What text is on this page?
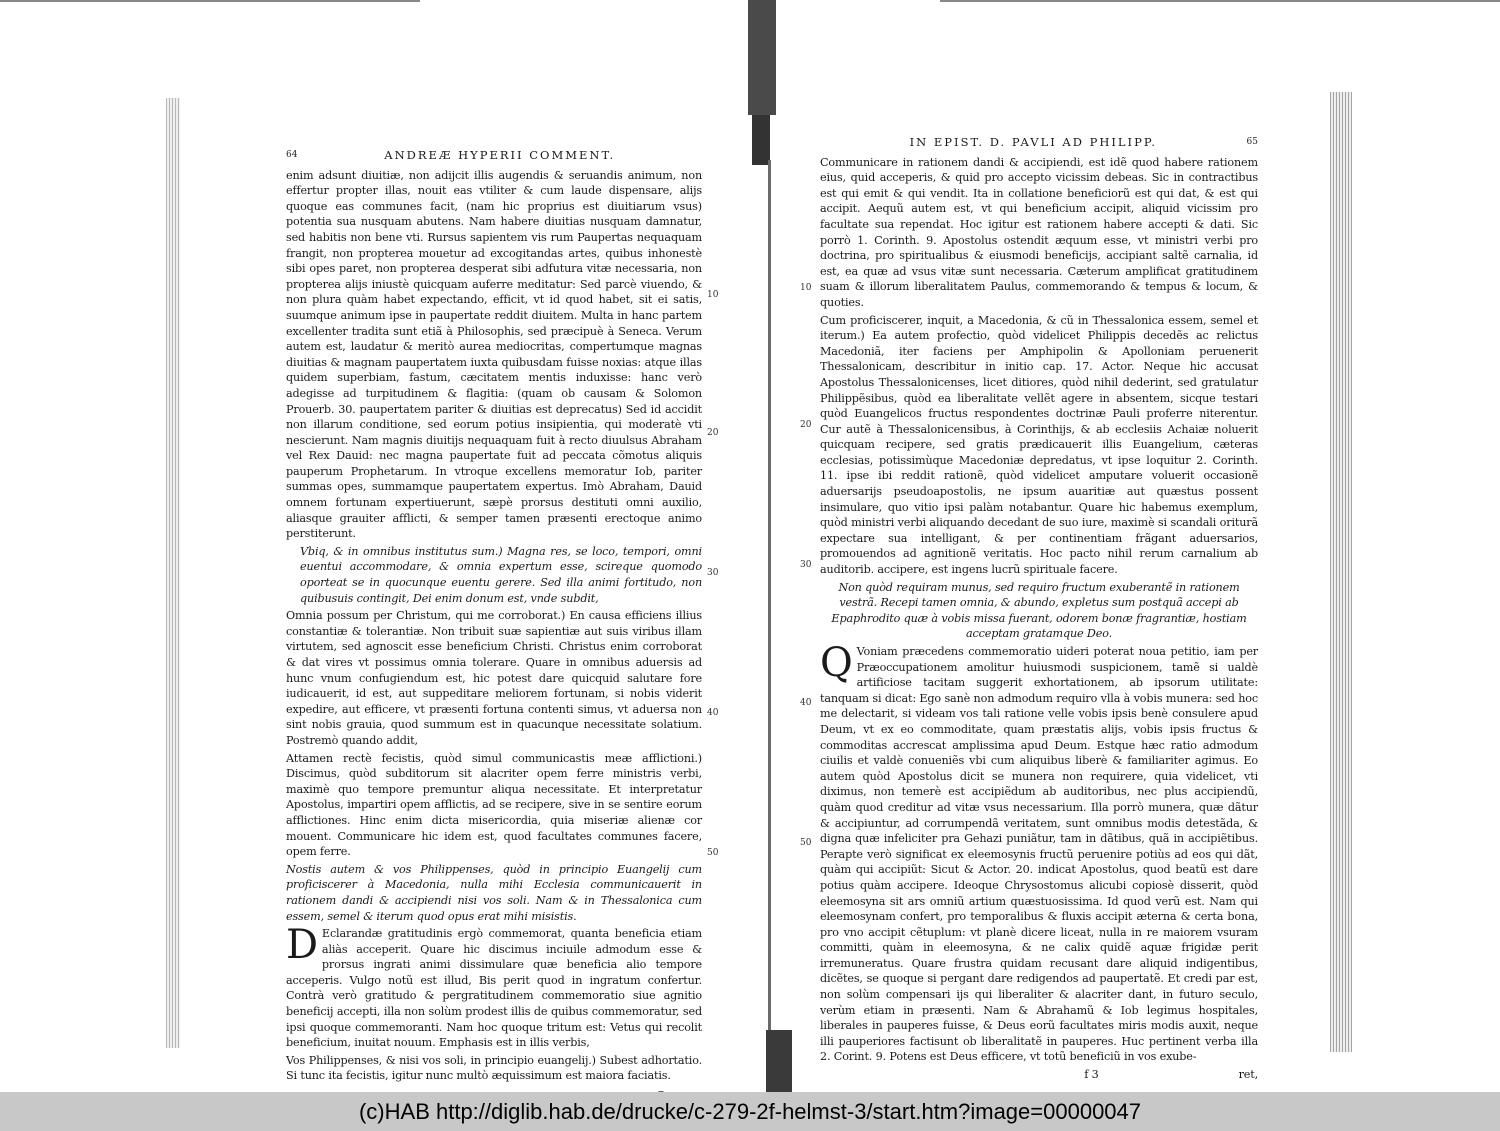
64	ANDREÆ HYPERII COMMENT.

enim adsunt diuitiæ, non adijcit illis augendis & seruandis animum, non effertur propter illas, nouit eas vtiliter & cum laude dispensare, alijs quoque eas communes facit, (nam hic proprius est diuitiarum vsus) potentia sua nusquam abutens. Nam habere diuitias nusquam damnatur, sed habitis non bene vti. Rursus sapientem vis rum Paupertas nequaquam frangit, non propterea mouetur ad excogitandas artes, quibus inhonestè sibi opes paret, non propterea desperat sibi adfutura vitæ necessaria, non propterea alijs iniustè quicquam auferre meditatur: Sed parcè viuendo, & non plura quàm habet expectando, efficit, vt id quod habet, sit ei satis, suumque animum ipse in paupertate reddit diuitem. Multa in hanc partem excellenter tradita sunt etiã à Philosophis, sed præcipuè à Seneca. Verum autem est, laudatur & meritò aurea mediocritas, compertumque magnas diuitias & magnam paupertatem iuxta quibusdam fuisse noxias: atque illas quidem superbiam, fastum, cæcitatem mentis induxisse: hanc verò adegisse ad turpitudinem & flagitia: (quam ob causam & Solomon Prouerb. 30. paupertatem pariter & diuitias est deprecatus) Sed id accidit non illarum conditione, sed eorum potius insipientia, qui moderatè vti nescierunt. Nam magnis diuitijs nequaquam fuit à recto diuulsus Abraham vel Rex Dauid: nec magna paupertate fuit ad peccata cõmotus aliquis pauperum Prophetarum. In vtroque excellens memoratur Iob, pariter summas opes, summamque paupertatem expertus. Imò Abraham, Dauid omnem fortunam expertiuerunt, sæpè prorsus destituti omni auxilio, aliasque grauiter afflicti, & semper tamen præsenti erectoque animo perstiterunt.

Vbiq, & in omnibus institutus sum.) Magna res, se loco, tempori, omni euentui accommodare, & omnia expertum esse, scireque quomodo oporteat se in quocunque euentu gerere. Sed illa animi fortitudo, non quibusuis contingit, Dei enim donum est, vnde subdit,

Omnia possum per Christum, qui me corroborat.) En causa efficiens illius constantiæ & tolerantiæ. Non tribuit suæ sapientiæ aut suis viribus illam virtutem, sed agnoscit esse beneficium Christi. Christus enim corroborat & dat vires vt possimus omnia tolerare. Quare in omnibus aduersis ad hunc vnum confugiendum est, hic potest dare quicquid salutare fore iudicauerit, id est, aut suppeditare meliorem fortunam, si nobis viderit expedire, aut efficere, vt præsenti fortuna contenti simus, vt aduersa non sint nobis grauia, quod summum est in quacunque necessitate solatium. Postremò quando addit,

Attamen rectè fecistis, quòd simul communicastis meæ afflictioni.) Discimus, quòd subditorum sit alacriter opem ferre ministris verbi, maximè quo tempore premuntur aliqua necessitate. Et interpretatur Apostolus, impartiri opem afflictis, ad se recipere, sive in se sentire eorum afflictiones. Hinc enim dicta misericordia, quia miseriæ alienæ cor mouent. Communicare hic idem est, quod facultates communes facere, opem ferre.

Nostis autem & vos Philippenses, quòd in principio Euangelij cum proficiscerer à Macedonia, nulla mihi Ecclesia communicauerit in rationem dandi & accipiendi nisi vos soli. Nam & in Thessalonica cum essem, semel & iterum quod opus erat mihi misistis.

D Eclarandæ gratitudinis ergò commemorat, quanta beneficia etiam aliàs acceperit. Quare hic discimus inciuile admodum esse & prorsus ingrati animi dissimulare quæ beneficia alio tempore acceperis. Vulgo notũ est illud, Bis perit quod in ingratum confertur. Contrà verò gratitudo & pergratitudinem commemoratio siue agnitio beneficij accepti, illa non solùm prodest illis de quibus commemoratur, sed ipsi quoque commemoranti. Nam hoc quoque tritum est: Vetus qui recolit beneficium, inuitat nouum. Emphasis est in illis verbis,

Vos Philippenses, & nisi vos soli, in principio euangelij.) Subest adhortatio. Si tunc ita fecistis, igitur nunc multò æquissimum est maiora faciatis.

10
20
30
40
50
IN EPIST. D. PAVLI AD PHILIPP.	65

Communicare in rationem dandi & accipiendi, est idẽ quod habere rationem eius, quid acceperis, & quid pro accepto vicissim debeas. Sic in contractibus est qui emit & qui vendit. Ita in collatione beneficiorũ est qui dat, & est qui accipit. Aequũ autem est, vt qui beneficium accipit, aliquid vicissim pro facultate sua rependat. Hoc igitur est rationem habere accepti & dati. Sic porrò 1. Corinth. 9. Apostolus ostendit æquum esse, vt ministri verbi pro doctrina, pro spiritualibus & eiusmodi beneficijs, accipiant saltẽ carnalia, id est, ea quæ ad vsus vitæ sunt necessaria. Cæterum amplificat gratitudinem suam & illorum liberalitatem Paulus, commemorando & tempus & locum, & quoties.

Cum proficiscerer, inquit, a Macedonia, & cũ in Thessalonica essem, semel et iterum.) Ea autem profectio, quòd videlicet Philippis decedẽs ac relictus Macedoniã, iter faciens per Amphipolin & Apolloniam peruenerit Thessalonicam, describitur in initio cap. 17. Actor. Neque hic accusat Apostolus Thessalonicenses, licet ditiores, quòd nihil dederint, sed gratulatur Philippẽsibus, quòd ea liberalitate vellẽt agere in absentem, sicque testari quòd Euangelicos fructus respondentes doctrinæ Pauli proferre niterentur. Cur autẽ à Thessalonicensibus, à Corinthijs, & ab ecclesiis Achaiæ noluerit quicquam recipere, sed gratis prædicauerit illis Euangelium, cæteras ecclesias, potissimùque Macedoniæ depredatus, vt ipse loquitur 2. Corinth. 11. ipse ibi reddit rationẽ, quòd videlicet amputare voluerit occasionẽ aduersarijs pseudoapostolis, ne ipsum auaritiæ aut quæstus possent insimulare, quo vitio ipsi palàm notabantur. Quare hic habemus exemplum, quòd ministri verbi aliquando decedant de suo iure, maximè si scandali oriturã expectare sua intelligant, & per continentiam frãgant aduersarios, promouendos ad agnitionẽ veritatis. Hoc pacto nihil rerum carnalium ab auditorib. accipere, est ingens lucrũ spirituale facere.

Non quòd requiram munus, sed requiro fructum exuberantẽ in rationem vestrã. Recepi tamen omnia, & abundo, expletus sum postquã accepi ab Epaphrodito quæ à vobis missa fuerant, odorem bonæ fragrantiæ, hostiam acceptam gratamque Deo.

Q Voniam præcedens commemoratio uideri poterat noua petitio, iam per Præoccupationem amolitur huiusmodi suspicionem, tamẽ si ualdè artificiose tacitam suggerit exhortationem, ab ipsorum utilitate: tanquam si dicat: Ego sanè non admodum requiro vlla à vobis munera: sed hoc me delectarit, si videam vos tali ratione velle vobis ipsis benè consulere apud Deum, vt ex eo commoditate, quam præstatis alijs, vobis ipsis fructus & commoditas accrescat amplissima apud Deum. Estque hæc ratio admodum ciuilis et valdè conueniẽs vbi cum aliquibus liberè & familiariter agimus. Eo autem quòd Apostolus dicit se munera non requirere, quia videlicet, vti diximus, non temerè est accipiẽdum ab auditoribus, nec plus accipiendũ, quàm quod creditur ad vitæ vsus necessarium. Illa porrò munera, quæ dãtur & accipiuntur, ad corrumpendã veritatem, sunt omnibus modis detestãda, & digna quæ infeliciter pra Gehazi puniãtur, tam in dãtibus, quã in accipiẽtibus. Perapte verò significat ex eleemosynis fructũ peruenire potiùs ad eos qui dãt, quàm qui accipiũt: Sicut & Actor. 20. indicat Apostolus, quod beatũ est dare potius quàm accipere. Ideoque Chrysostomus alicubi copiosè disserit, quòd eleemosyna sit ars omniũ artium quæstuosissima. Id quod verũ est. Nam qui eleemosynam confert, pro temporalibus & fluxis accipit æterna & certa bona, pro vno accipit cẽtuplum: vt planè dicere liceat, nulla in re maiorem vsuram committi, quàm in eleemosyna, & ne calix quidẽ aquæ frigidæ perit irremuneratus. Quare frustra quidam recusant dare aliquid indigentibus, dicẽtes, se quoque si pergant dare redigendos ad paupertatẽ. Et credi par est, non solùm compensari ijs qui liberaliter & alacriter dant, in futuro seculo, verùm etiam in præsenti. Nam & Abrahamũ & Iob legimus hospitales, liberales in pauperes fuisse, & Deus eorũ facultates miris modis auxit, neque illi pauperiores factisunt ob liberalitatẽ in pauperes. Huc pertinent verba illa 2. Corint. 9. Potens est Deus efficere, vt totũ beneficiũ in vos exube-

f 3	ret,

10
20
30
40
50
(c)HAB http://diglib.hab.de/drucke/c-279-2f-helmst-3/start.htm?image=00000047
